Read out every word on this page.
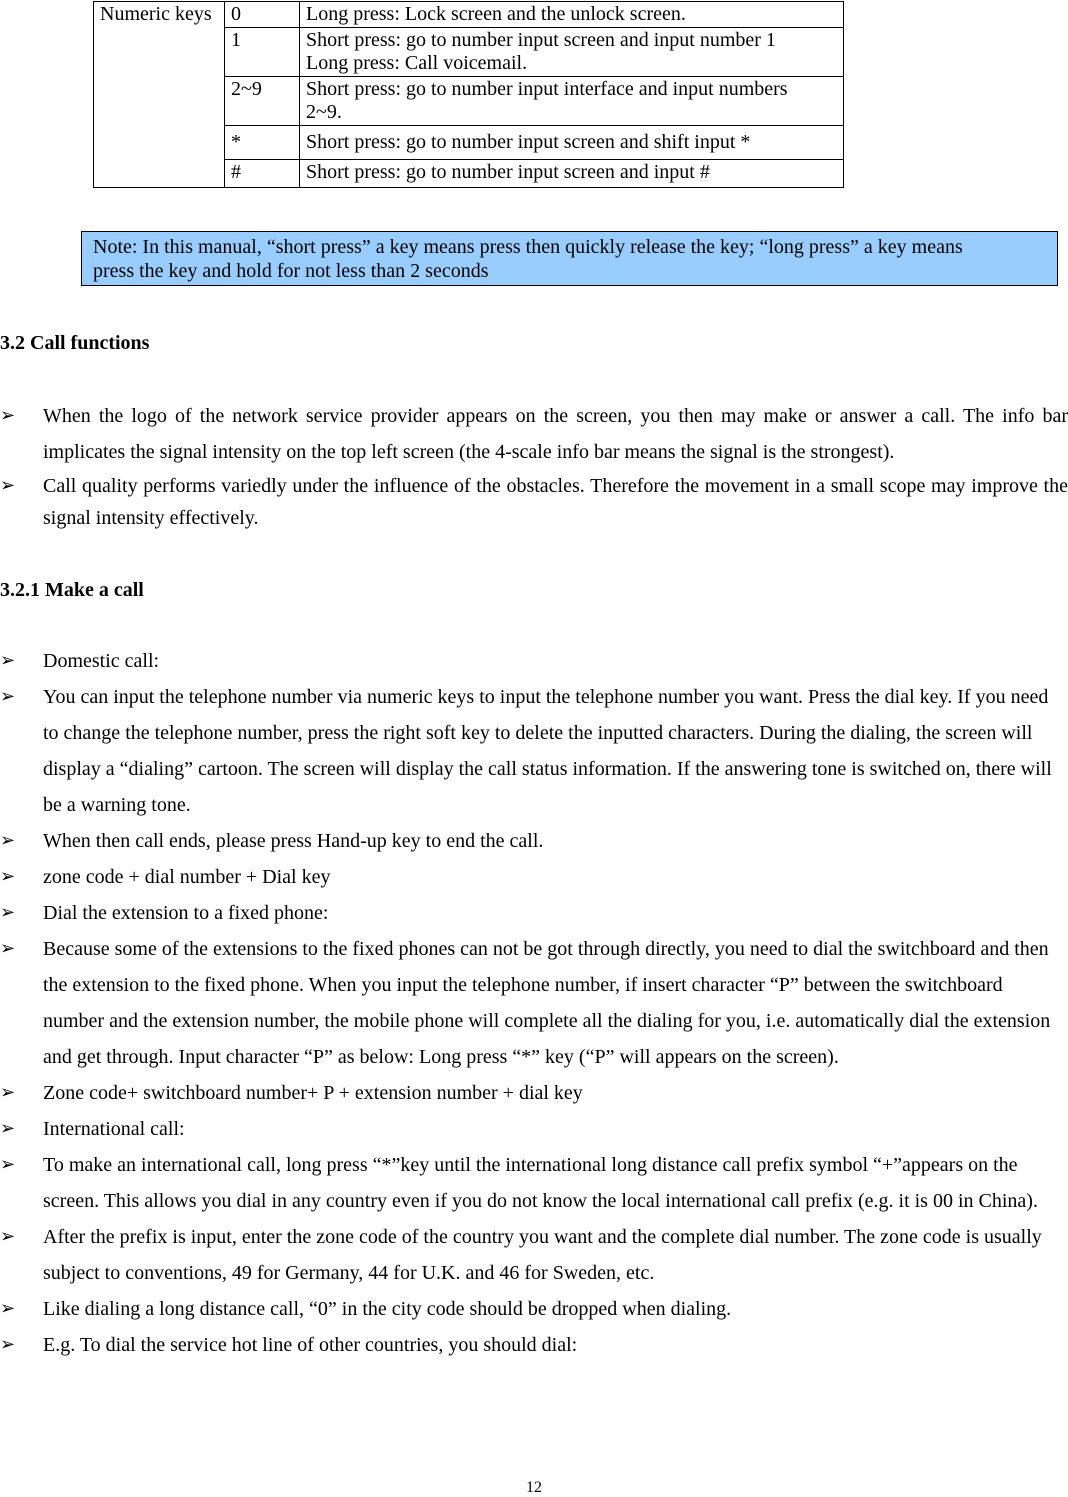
Numeric keys	0	Long press: Lock screen and the unlock screen.

	1	Short press: go to number input screen and input number 1
Long press: Call voicemail.

	2~9	Short press: go to number input interface and input numbers
2~9.

	*	Short press: go to number input screen and shift input *

	#	Short press: go to number input screen and input #
Note: In this manual, “short press” a key means press then quickly release the key; “long press” a key means
press the key and hold for not less than 2 seconds
3.2 Call functions
➢	When the logo of the network service provider appears on the screen, you then may make or answer a call. The info bar implicates the signal intensity on the top left screen (the 4-scale info bar means the signal is the strongest).
➢	Call quality performs variedly under the influence of the obstacles. Therefore the movement in a small scope may improve the signal intensity effectively.
3.2.1 Make a call
➢	Domestic call:
➢	You can input the telephone number via numeric keys to input the telephone number you want. Press the dial key. If you need to change the telephone number, press the right soft key to delete the inputted characters. During the dialing, the screen will display a “dialing” cartoon. The screen will display the call status information. If the answering tone is switched on, there will be a warning tone.
➢	When then call ends, please press Hand-up key to end the call.
➢	zone code + dial number + Dial key
➢	Dial the extension to a fixed phone:
➢	Because some of the extensions to the fixed phones can not be got through directly, you need to dial the switchboard and then the extension to the fixed phone. When you input the telephone number, if insert character “P” between the switchboard number and the extension number, the mobile phone will complete all the dialing for you, i.e. automatically dial the extension and get through. Input character “P” as below: Long press “*” key (“P” will appears on the screen).
➢	Zone code+ switchboard number+ P + extension number + dial key
➢	International call:
➢	To make an international call, long press “*”key until the international long distance call prefix symbol “+”appears on the screen. This allows you dial in any country even if you do not know the local international call prefix (e.g. it is 00 in China).
➢	After the prefix is input, enter the zone code of the country you want and the complete dial number. The zone code is usually subject to conventions, 49 for Germany, 44 for U.K. and 46 for Sweden, etc.
➢	Like dialing a long distance call, “0” in the city code should be dropped when dialing.
➢	E.g. To dial the service hot line of other countries, you should dial:
12
